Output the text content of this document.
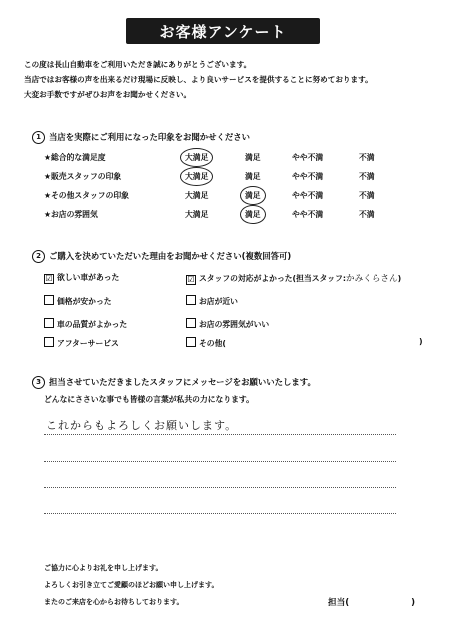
お客様アンケート
この度は長山自動車をご利用いただき誠にありがとうございます。
当店ではお客様の声を出来るだけ現場に反映し、より良いサービスを提供することに努めております。
大変お手数ですがぜひお声をお聞かせください。
1 当店を実際にご利用になった印象をお聞かせください
★総合的な満足度	大満足	満足	やや不満	不満
★販売スタッフの印象	大満足	満足	やや不満	不満
★その他スタッフの印象	大満足	満足	やや不満	不満
★お店の雰囲気	大満足	満足	やや不満	不満
2 ご購入を決めていただいた理由をお聞かせください(複数回答可)
☑ 欲しい車があった	☑ スタッフの対応がよかった(担当スタッフ:かみくらさん)
価格が安かった	お店が近い
車の品質がよかった	お店の雰囲気がいい
アフターサービス	その他(	)
3 担当させていただきましたスタッフにメッセージをお願いいたします。
どんなにささいな事でも皆様の言葉が私共の力になります。
これからもよろしくお願いします。
ご協力に心よりお礼を申し上げます。
よろしくお引き立てご愛顧のほどお願い申し上げます。
またのご来店を心からお待ちしております。	担当(	)
